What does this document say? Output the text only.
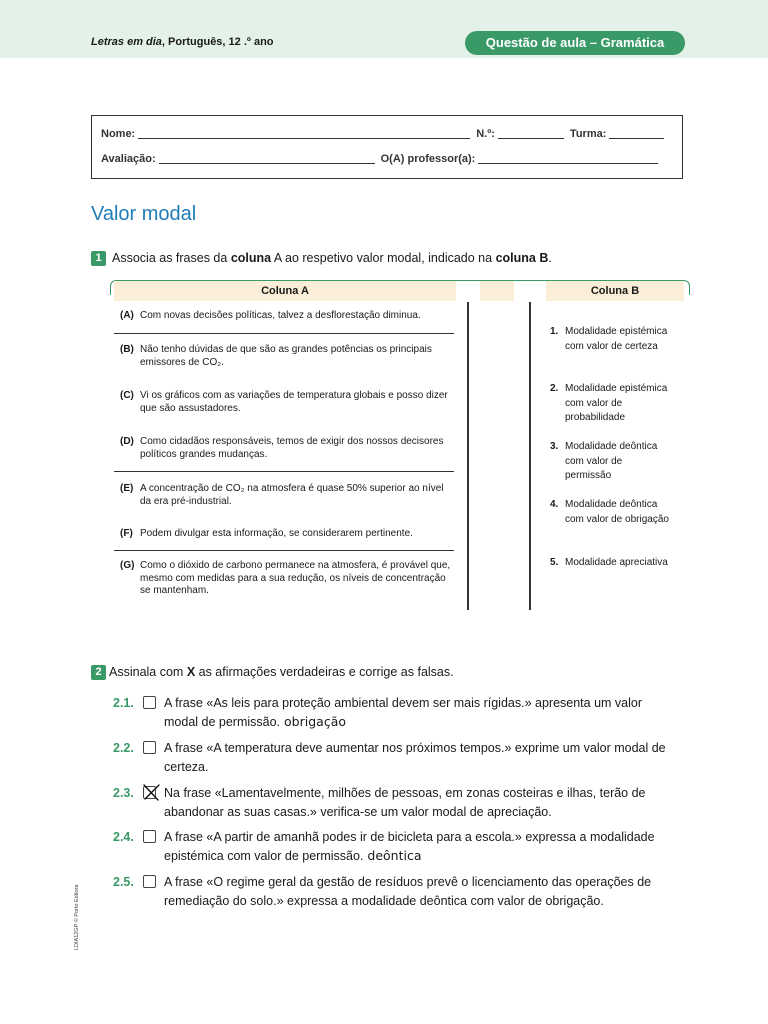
Letras em dia, Português, 12 .º ano	Questão de aula – Gramática
Nome:	N.º:	Turma:
Avaliação:	O(A) professor(a):
Valor modal
1 Associa as frases da coluna A ao respetivo valor modal, indicado na coluna B.
Coluna A	Coluna B
(A) Com novas decisões políticas, talvez a desflorestação diminua.
(B) Não tenho dúvidas de que são as grandes potências os principais emissores de CO₂.
(C) Vi os gráficos com as variações de temperatura globais e posso dizer que são assustadores.
(D) Como cidadãos responsáveis, temos de exigir dos nossos decisores políticos grandes mudanças.
(E) A concentração de CO₂ na atmosfera é quase 50% superior ao nível da era pré-industrial.
(F) Podem divulgar esta informação, se considerarem pertinente.
(G) Como o dióxido de carbono permanece na atmosfera, é provável que, mesmo com medidas para a sua redução, os níveis de concentração se mantenham.
1. Modalidade epistémica com valor de certeza
2. Modalidade epistémica com valor de probabilidade
3. Modalidade deôntica com valor de permissão
4. Modalidade deôntica com valor de obrigação
5. Modalidade apreciativa
2 Assinala com X as afirmações verdadeiras e corrige as falsas.
2.1. A frase «As leis para proteção ambiental devem ser mais rígidas.» apresenta um valor modal de permissão. obrigação
2.2. A frase «A temperatura deve aumentar nos próximos tempos.» exprime um valor modal de certeza.
2.3. Na frase «Lamentavelmente, milhões de pessoas, em zonas costeiras e ilhas, terão de abandonar as suas casas.» verifica-se um valor modal de apreciação.
2.4. A frase «A partir de amanhã podes ir de bicicleta para a escola.» expressa a modalidade epistémica com valor de permissão. deôntica
2.5. A frase «O regime geral da gestão de resíduos prevê o licenciamento das operações de remediação do solo.» expressa a modalidade deôntica com valor de obrigação.
LDIA12GP © Porto Editora
